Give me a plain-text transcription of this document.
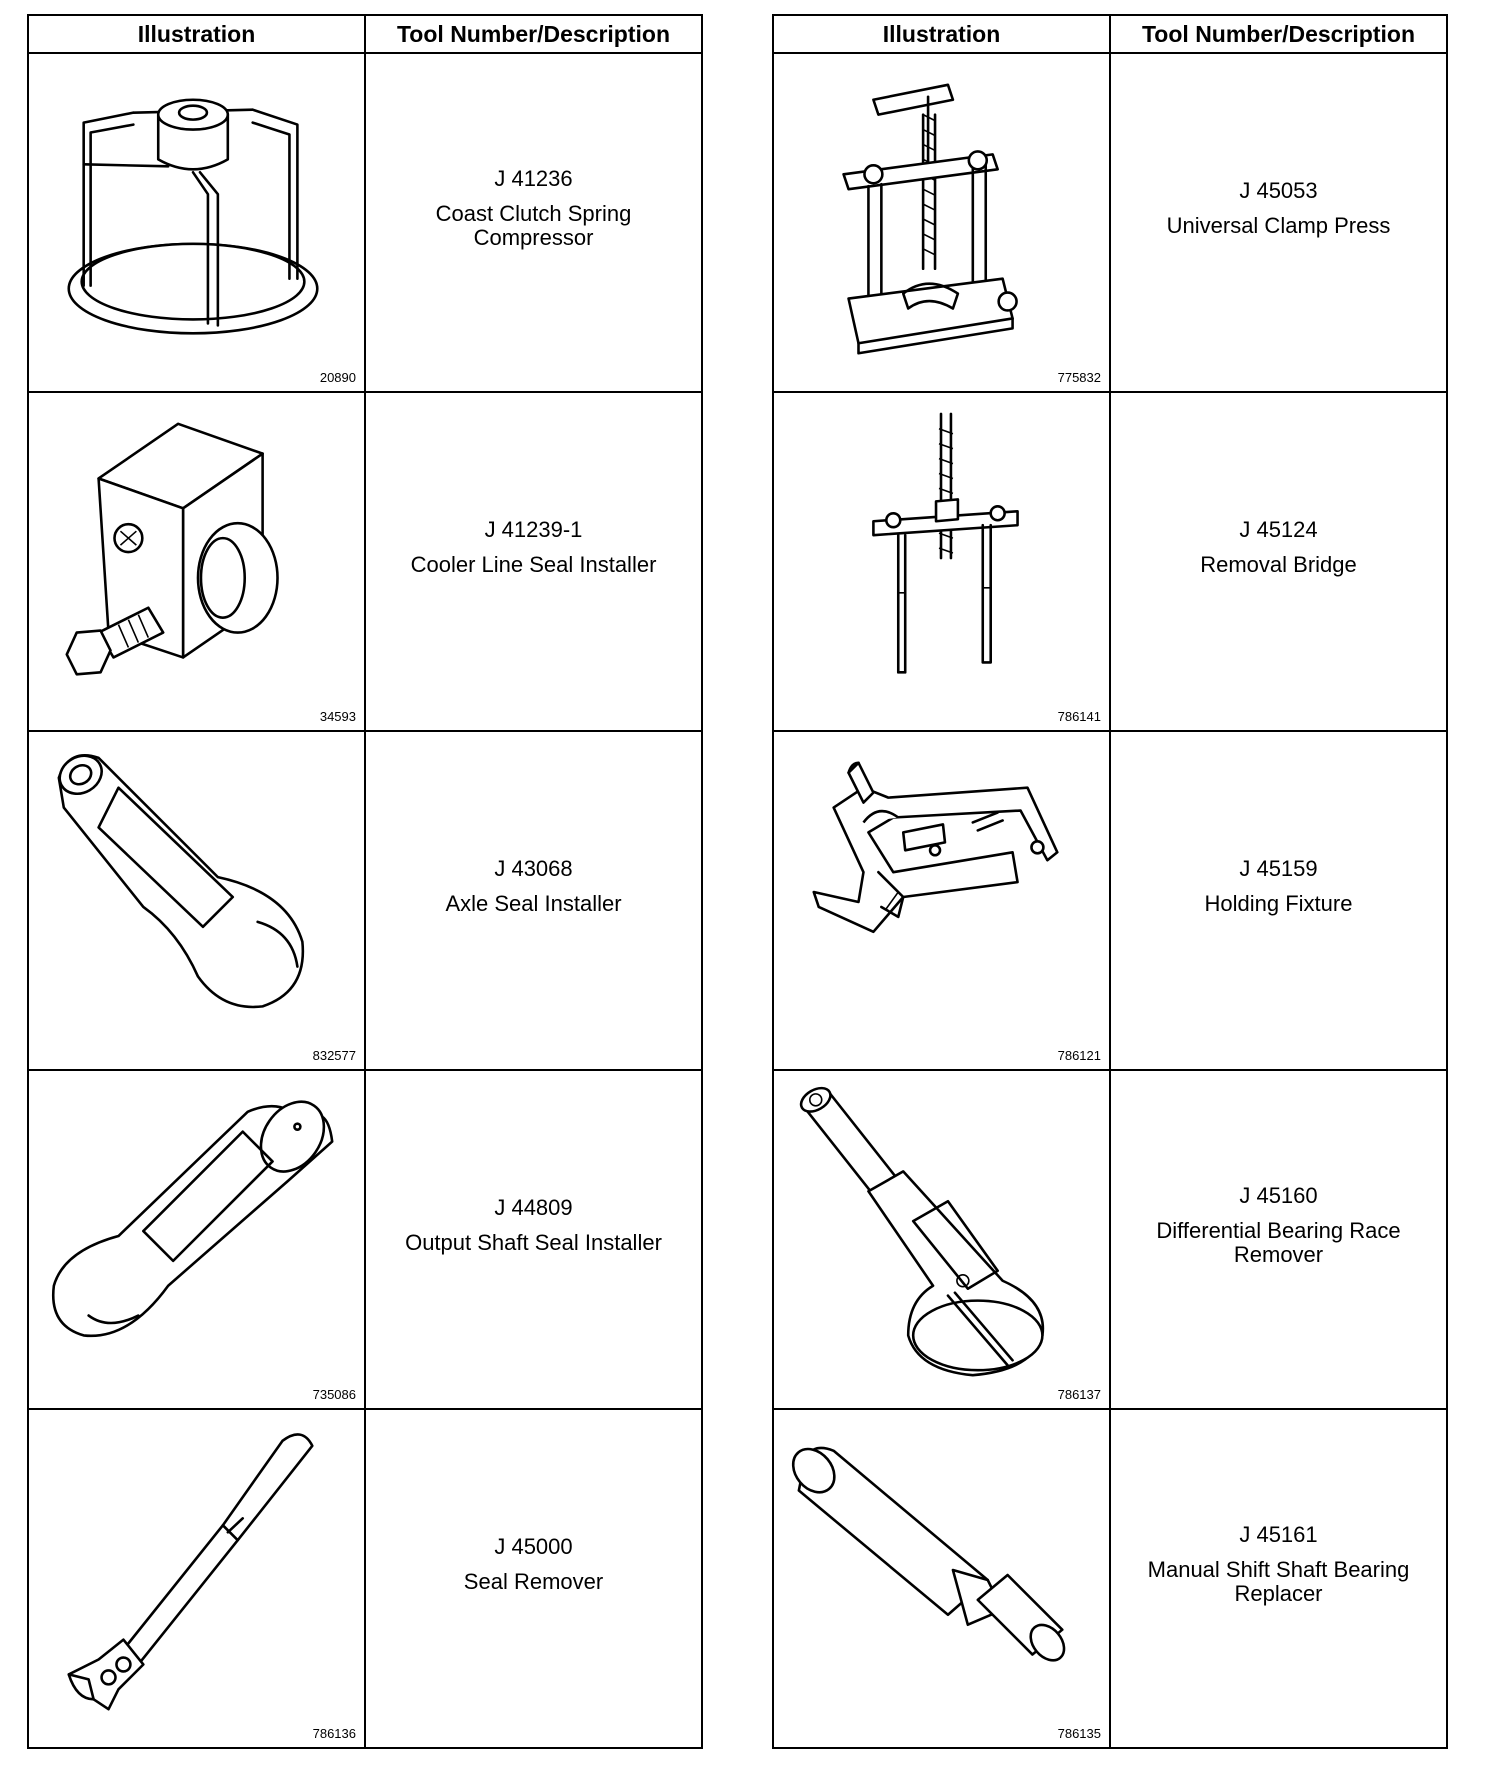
Illustration	Tool Number/Description

20890	J 41236
Coast Clutch Spring Compressor

34593	J 41239-1
Cooler Line Seal Installer

832577	J 43068
Axle Seal Installer

735086	J 44809
Output Shaft Seal Installer

786136	J 45000
Seal Remover
Illustration	Tool Number/Description

775832	J 45053
Universal Clamp Press

786141	J 45124
Removal Bridge

786121	J 45159
Holding Fixture

786137	J 45160
Differential Bearing Race Remover

786135	J 45161
Manual Shift Shaft Bearing Replacer
